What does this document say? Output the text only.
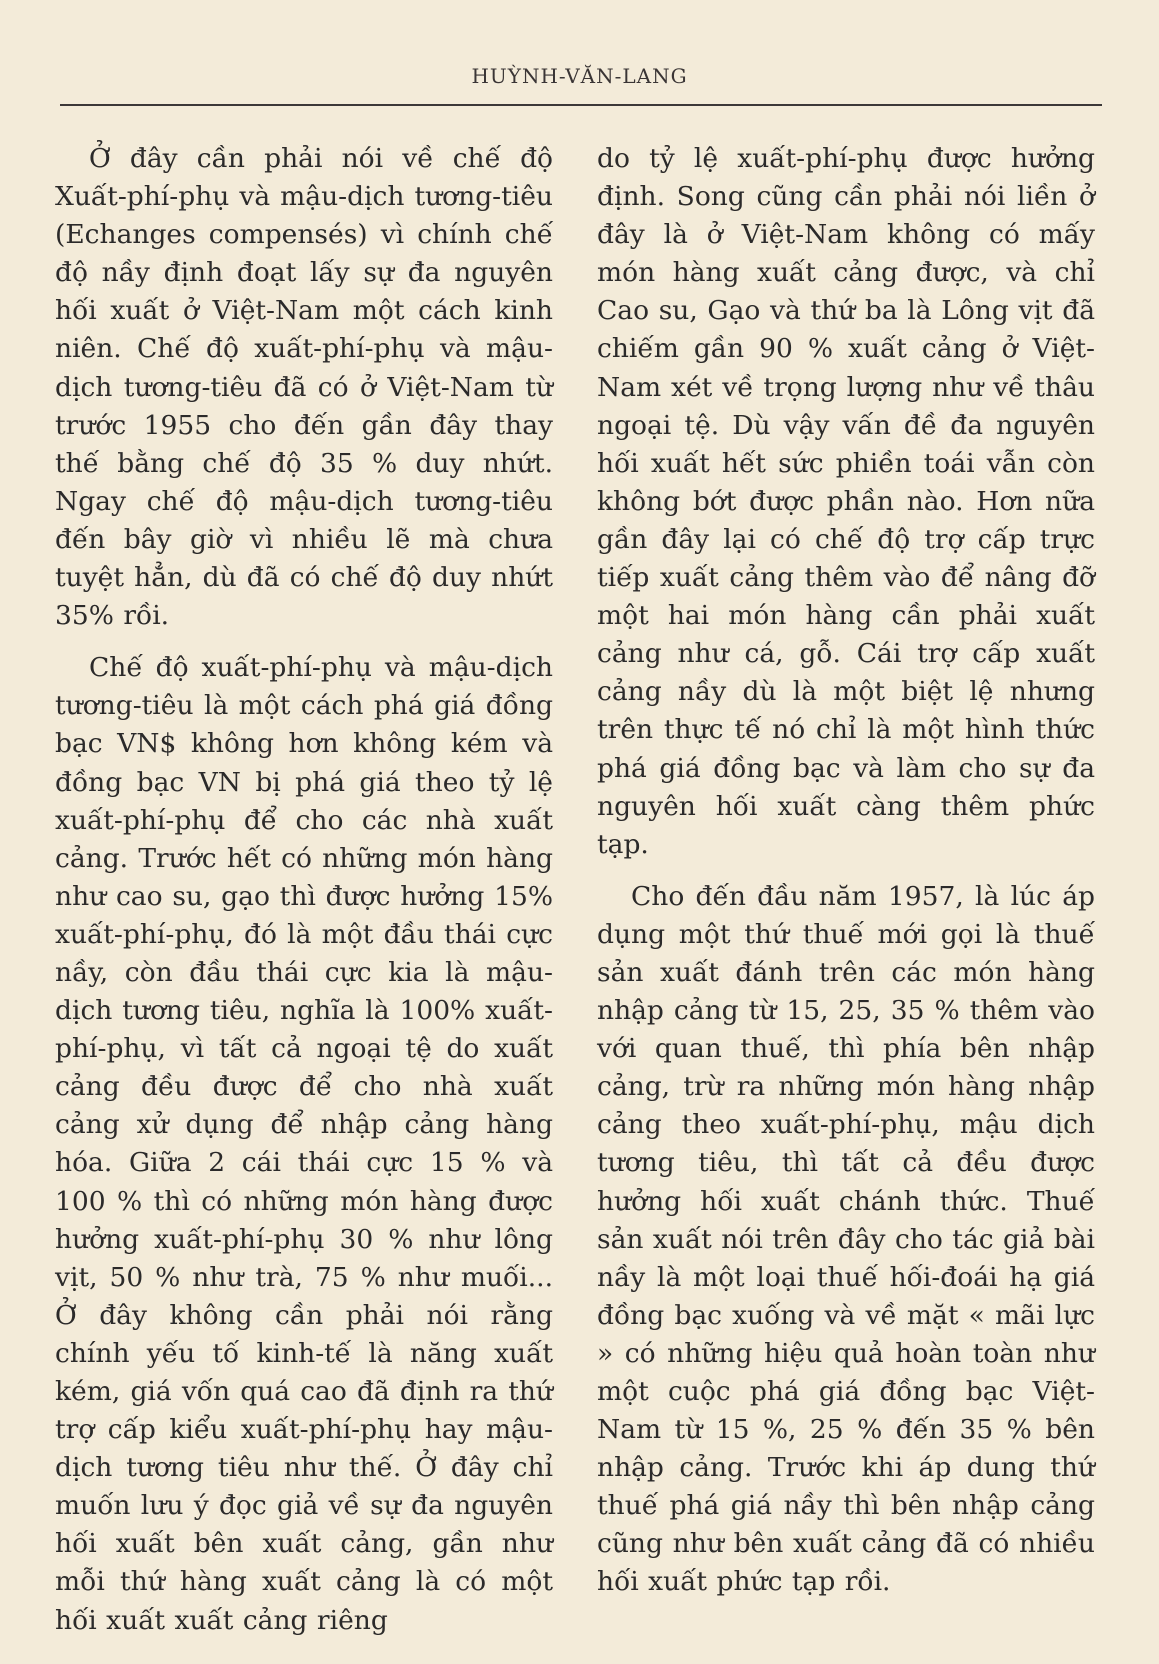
HUỲNH-VĂN-LANG

Ở đây cần phải nói về chế độ Xuất-phí-phụ và mậu-dịch tương-tiêu (Echanges compensés) vì chính chế độ nầy định đoạt lấy sự đa nguyên hối xuất ở Việt-Nam một cách kinh niên. Chế độ xuất-phí-phụ và mậu-dịch tương-tiêu đã có ở Việt-Nam từ trước 1955 cho đến gần đây thay thế bằng chế độ 35 % duy nhứt. Ngay chế độ mậu-dịch tương-tiêu đến bây giờ vì nhiều lẽ mà chưa tuyệt hẳn, dù đã có chế độ duy nhứt 35% rồi.

Chế độ xuất-phí-phụ và mậu-dịch tương-tiêu là một cách phá giá đồng bạc VN$ không hơn không kém và đồng bạc VN bị phá giá theo tỷ lệ xuất-phí-phụ để cho các nhà xuất cảng. Trước hết có những món hàng như cao su, gạo thì được hưởng 15% xuất-phí-phụ, đó là một đầu thái cực nầy, còn đầu thái cực kia là mậu-dịch tương tiêu, nghĩa là 100% xuất-phí-phụ, vì tất cả ngoại tệ do xuất cảng đều được để cho nhà xuất cảng xử dụng để nhập cảng hàng hóa. Giữa 2 cái thái cực 15 % và 100 % thì có những món hàng được hưởng xuất-phí-phụ 30 % như lông vịt, 50 % như trà, 75 % như muối... Ở đây không cần phải nói rằng chính yếu tố kinh-tế là năng xuất kém, giá vốn quá cao đã định ra thứ trợ cấp kiểu xuất-phí-phụ hay mậu-dịch tương tiêu như thế. Ở đây chỉ muốn lưu ý đọc giả về sự đa nguyên hối xuất bên xuất cảng, gần như mỗi thứ hàng xuất cảng là có một hối xuất xuất cảng riêng

do tỷ lệ xuất-phí-phụ được hưởng định. Song cũng cần phải nói liền ở đây là ở Việt-Nam không có mấy món hàng xuất cảng được, và chỉ Cao su, Gạo và thứ ba là Lông vịt đã chiếm gần 90 % xuất cảng ở Việt-Nam xét về trọng lượng như về thâu ngoại tệ. Dù vậy vấn đề đa nguyên hối xuất hết sức phiền toái vẫn còn không bớt được phần nào. Hơn nữa gần đây lại có chế độ trợ cấp trực tiếp xuất cảng thêm vào để nâng đỡ một hai món hàng cần phải xuất cảng như cá, gỗ. Cái trợ cấp xuất cảng nầy dù là một biệt lệ nhưng trên thực tế nó chỉ là một hình thức phá giá đồng bạc và làm cho sự đa nguyên hối xuất càng thêm phức tạp.

Cho đến đầu năm 1957, là lúc áp dụng một thứ thuế mới gọi là thuế sản xuất đánh trên các món hàng nhập cảng từ 15, 25, 35 % thêm vào với quan thuế, thì phía bên nhập cảng, trừ ra những món hàng nhập cảng theo xuất-phí-phụ, mậu dịch tương tiêu, thì tất cả đều được hưởng hối xuất chánh thức. Thuế sản xuất nói trên đây cho tác giả bài nầy là một loại thuế hối-đoái hạ giá đồng bạc xuống và về mặt « mãi lực » có những hiệu quả hoàn toàn như một cuộc phá giá đồng bạc Việt-Nam từ 15 %, 25 % đến 35 % bên nhập cảng. Trước khi áp dung thứ thuế phá giá nầy thì bên nhập cảng cũng như bên xuất cảng đã có nhiều hối xuất phức tạp rồi.
